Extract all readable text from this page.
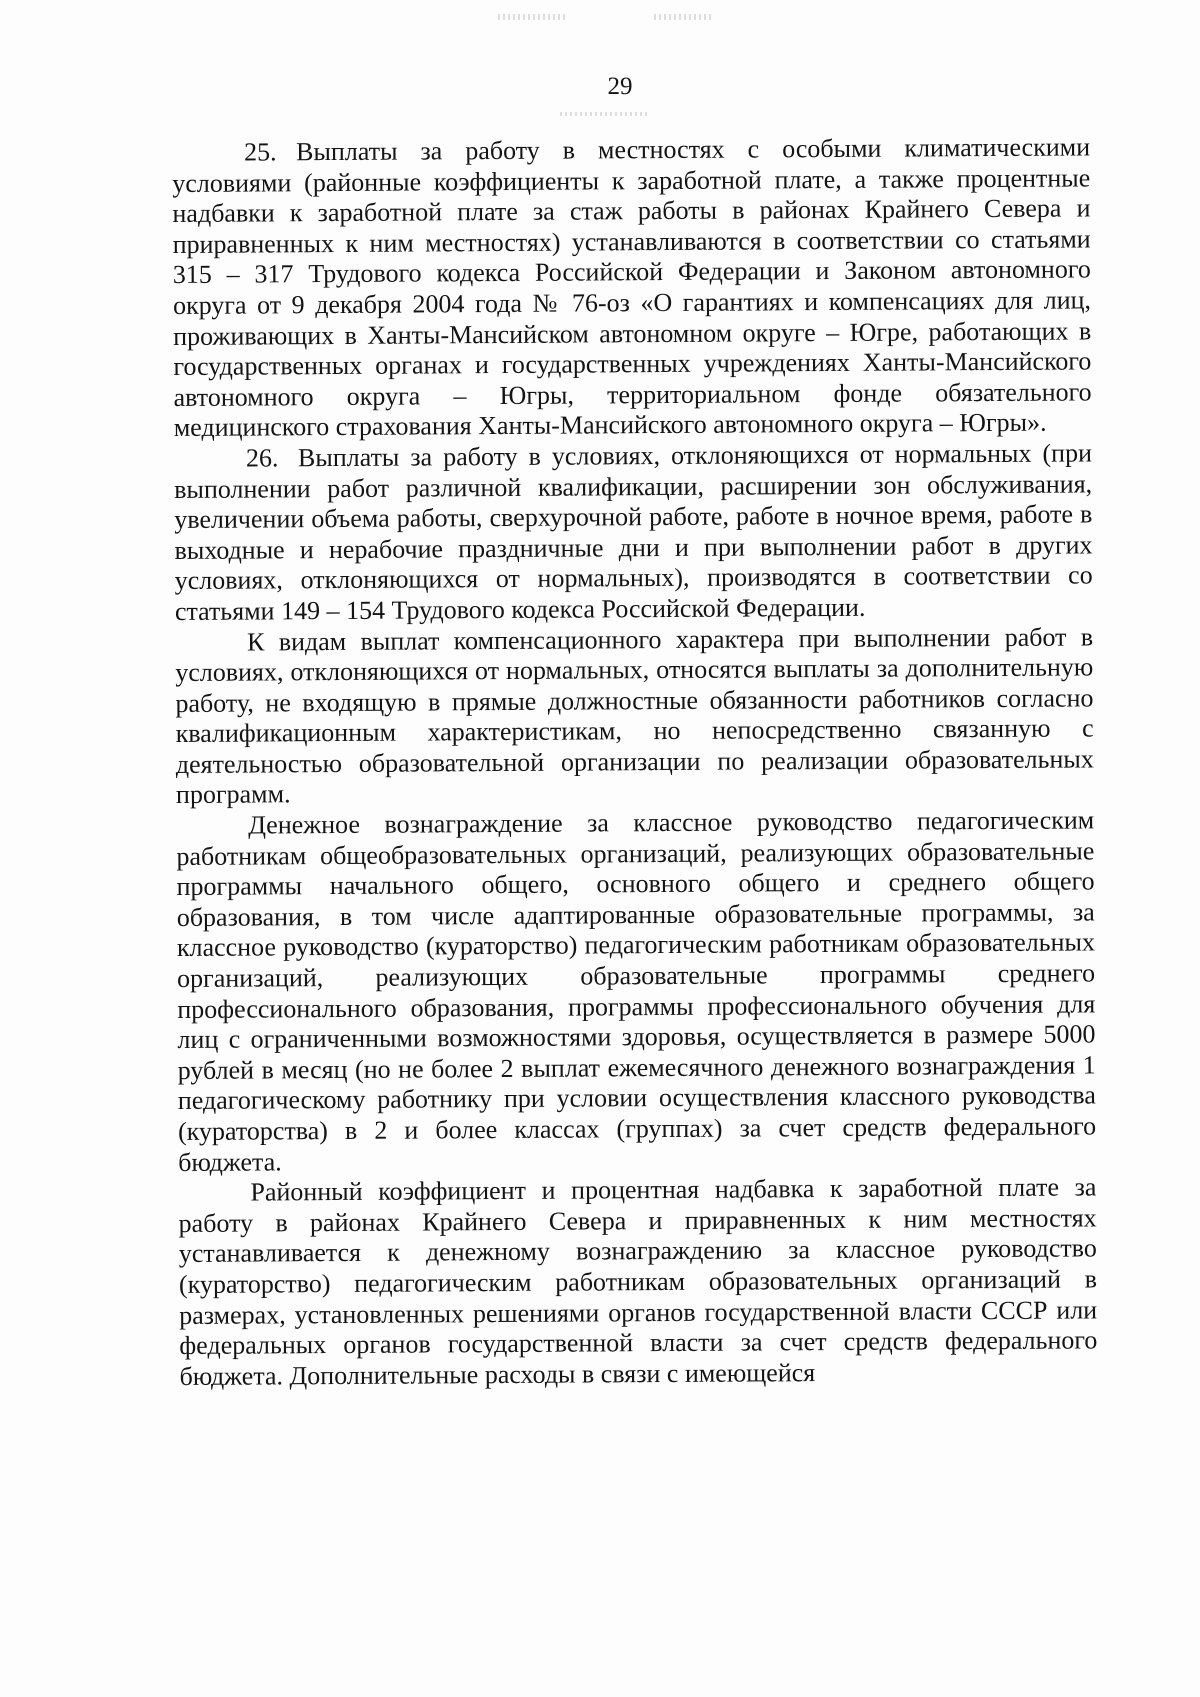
29

25. Выплаты за работу в местностях с особыми климатическими условиями (районные коэффициенты к заработной плате, а также процентные надбавки к заработной плате за стаж работы в районах Крайнего Севера и приравненных к ним местностях) устанавливаются в соответствии со статьями 315 – 317 Трудового кодекса Российской Федерации и Законом автономного округа от 9 декабря 2004 года № 76-оз «О гарантиях и компенсациях для лиц, проживающих в Ханты-Мансийском автономном округе – Югре, работающих в государственных органах и государственных учреждениях Ханты-Мансийского автономного округа – Югры, территориальном фонде обязательного медицинского страхования Ханты-Мансийского автономного округа – Югры».

26. Выплаты за работу в условиях, отклоняющихся от нормальных (при выполнении работ различной квалификации, расширении зон обслуживания, увеличении объема работы, сверхурочной работе, работе в ночное время, работе в выходные и нерабочие праздничные дни и при выполнении работ в других условиях, отклоняющихся от нормальных), производятся в соответствии со статьями 149 – 154 Трудового кодекса Российской Федерации.

К видам выплат компенсационного характера при выполнении работ в условиях, отклоняющихся от нормальных, относятся выплаты за дополнительную работу, не входящую в прямые должностные обязанности работников согласно квалификационным характеристикам, но непосредственно связанную с деятельностью образовательной организации по реализации образовательных программ.

Денежное вознаграждение за классное руководство педагогическим работникам общеобразовательных организаций, реализующих образовательные программы начального общего, основного общего и среднего общего образования, в том числе адаптированные образовательные программы, за классное руководство (кураторство) педагогическим работникам образовательных организаций, реализующих образовательные программы среднего профессионального образования, программы профессионального обучения для лиц с ограниченными возможностями здоровья, осуществляется в размере 5000 рублей в месяц (но не более 2 выплат ежемесячного денежного вознаграждения 1 педагогическому работнику при условии осуществления классного руководства (кураторства) в 2 и более классах (группах) за счет средств федерального бюджета.

Районный коэффициент и процентная надбавка к заработной плате за работу в районах Крайнего Севера и приравненных к ним местностях устанавливается к денежному вознаграждению за классное руководство (кураторство) педагогическим работникам образовательных организаций в размерах, установленных решениями органов государственной власти СССР или федеральных органов государственной власти за счет средств федерального бюджета. Дополнительные расходы в связи с имеющейся
